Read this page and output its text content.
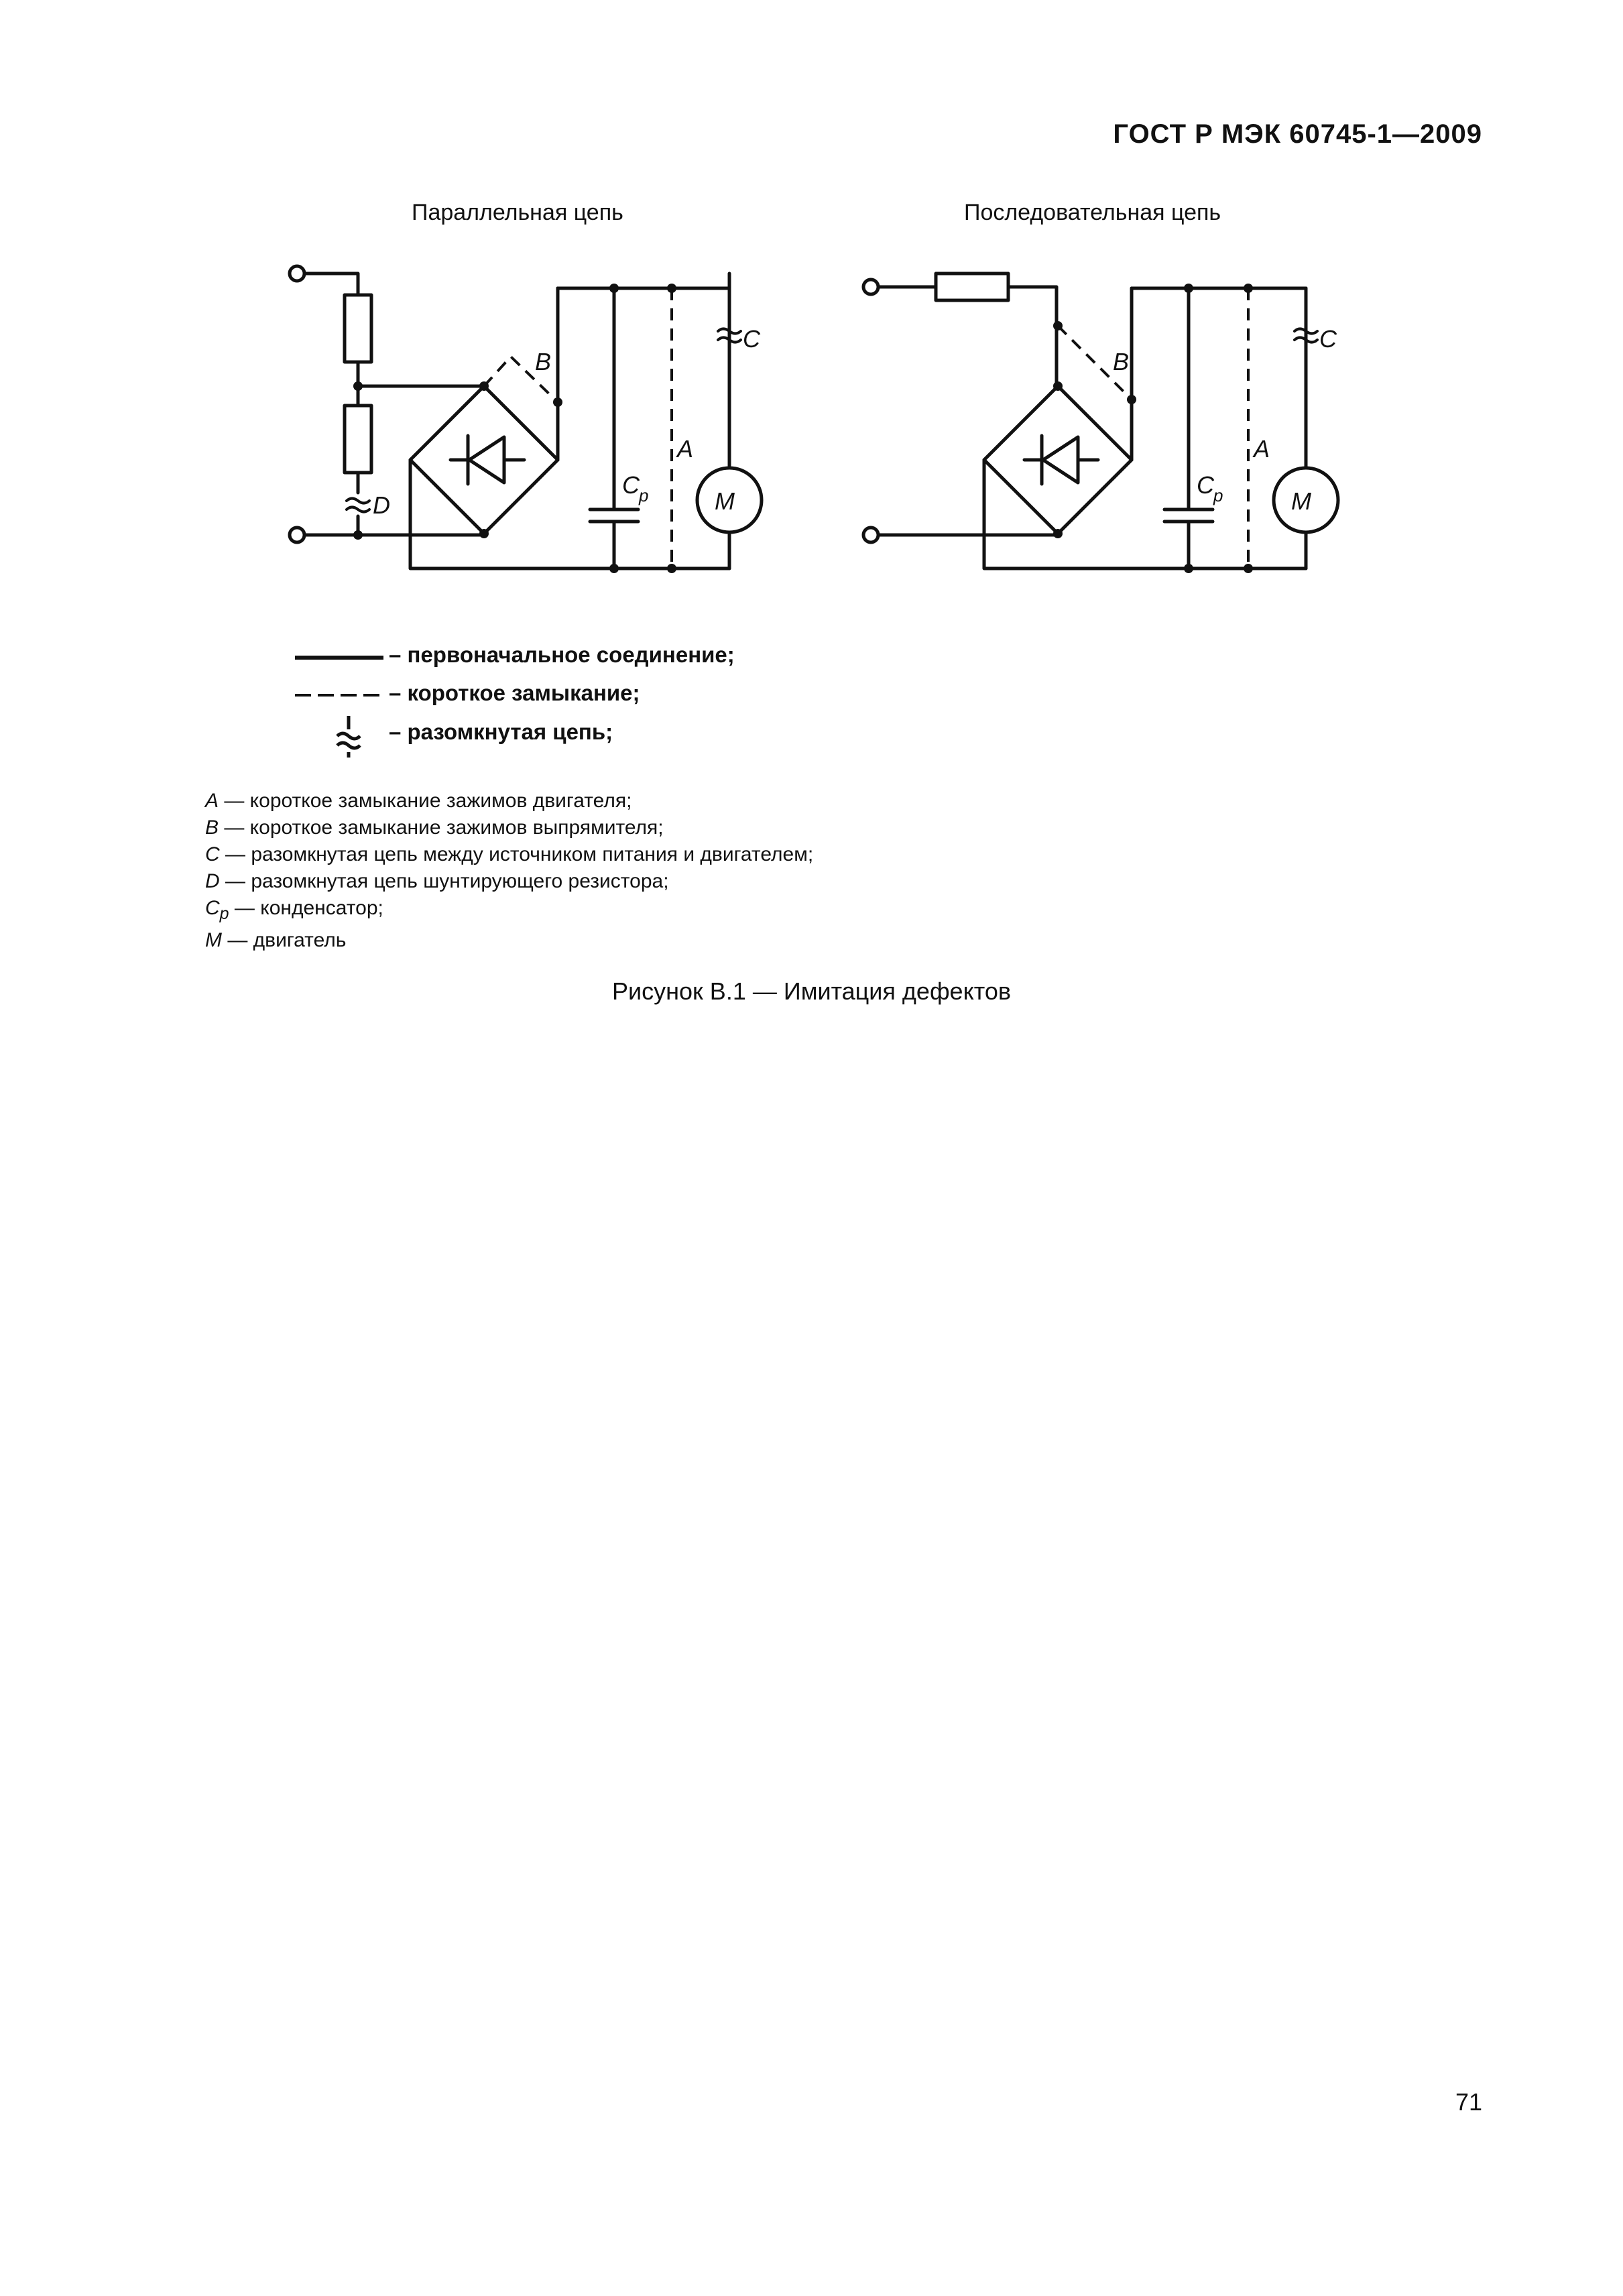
ГОСТ Р МЭК 60745-1—2009
Параллельная цепь	Последовательная цепь
B
C
A
D
C p	M
B
C
A
C p	M
– первоначальное соединение;
– короткое замыкание;
– разомкнутая цепь;
A — короткое замыкание зажимов двигателя;
B — короткое замыкание зажимов выпрямителя;
C — разомкнутая цепь между источником питания и двигателем;
D — разомкнутая цепь шунтирующего резистора;
$C_p$ — конденсатор;
M — двигатель
Рисунок В.1 — Имитация дефектов
71
